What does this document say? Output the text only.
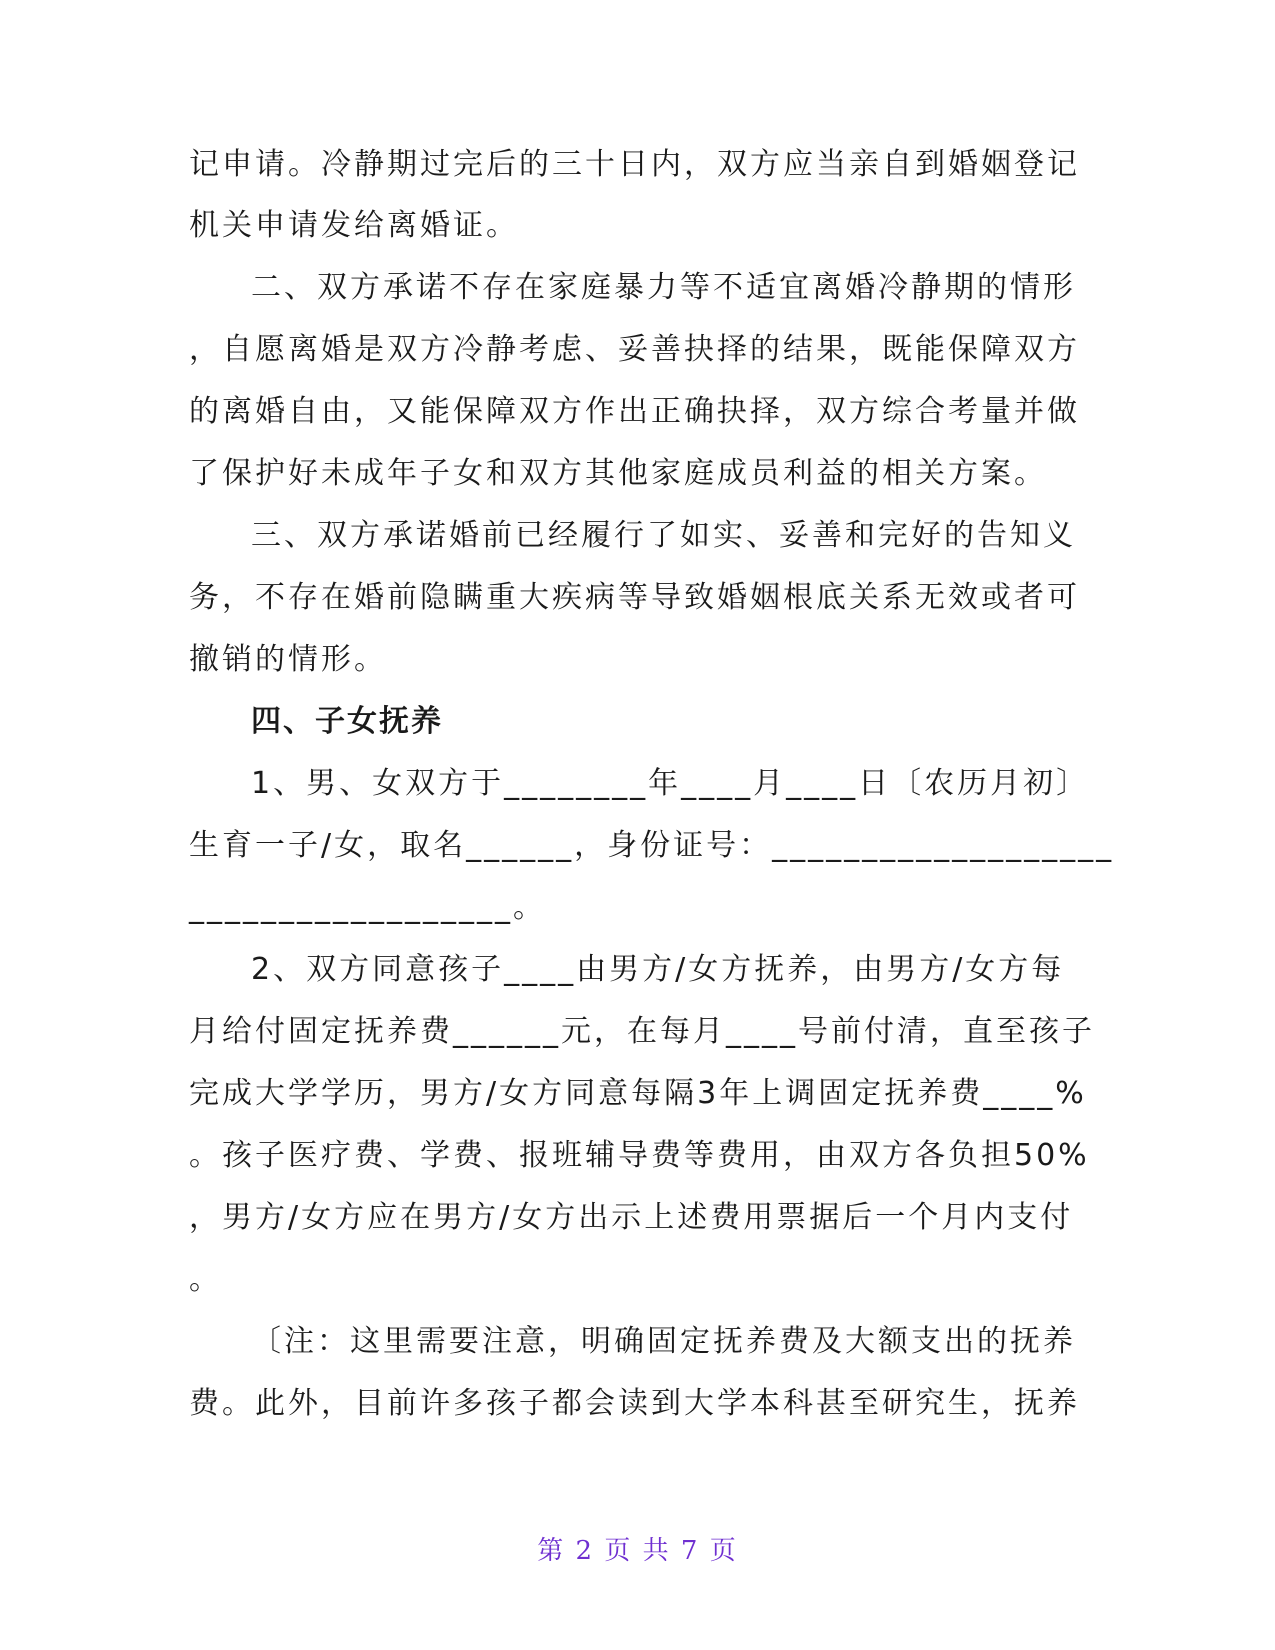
记申请。冷静期过完后的三十日内，双方应当亲自到婚姻登记
机关申请发给离婚证。
二、双方承诺不存在家庭暴力等不适宜离婚冷静期的情形
，自愿离婚是双方冷静考虑、妥善抉择的结果，既能保障双方
的离婚自由，又能保障双方作出正确抉择，双方综合考量并做
了保护好未成年子女和双方其他家庭成员利益的相关方案。
三、双方承诺婚前已经履行了如实、妥善和完好的告知义
务，不存在婚前隐瞒重大疾病等导致婚姻根底关系无效或者可
撤销的情形。
四、子女抚养
1、男、女双方于________年____月____日〔农历月初〕
生育一子/女，取名______，身份证号：___________________
__________________。
2、双方同意孩子____由男方/女方抚养，由男方/女方每
月给付固定抚养费______元，在每月____号前付清，直至孩子
完成大学学历，男方/女方同意每隔3年上调固定抚养费____%
。孩子医疗费、学费、报班辅导费等费用，由双方各负担50%
，男方/女方应在男方/女方出示上述费用票据后一个月内支付
。
〔注：这里需要注意，明确固定抚养费及大额支出的抚养
费。此外，目前许多孩子都会读到大学本科甚至研究生，抚养
第 2 页 共 7 页
